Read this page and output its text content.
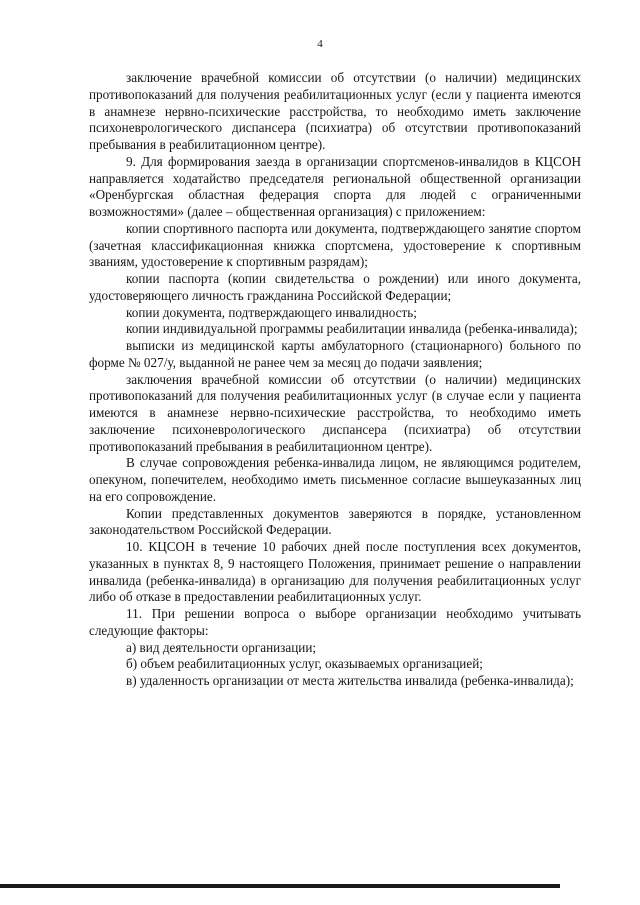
4

заключение врачебной комиссии об отсутствии (о наличии) медицинских противопоказаний для получения реабилитационных услуг (если у пациента имеются в анамнезе нервно-психические расстройства, то необходимо иметь заключение психоневрологического диспансера (психиатра) об отсутствии противопоказаний пребывания в реабилитационном центре).

9. Для формирования заезда в организации спортсменов-инвалидов в КЦСОН направляется ходатайство председателя региональной общественной организации «Оренбургская областная федерация спорта для людей с ограниченными возможностями» (далее – общественная организация) с приложением:

копии спортивного паспорта или документа, подтверждающего занятие спортом (зачетная классификационная книжка спортсмена, удостоверение к спортивным званиям, удостоверение к спортивным разрядам);

копии паспорта (копии свидетельства о рождении) или иного документа, удостоверяющего личность гражданина Российской Федерации;

копии документа, подтверждающего инвалидность;

копии индивидуальной программы реабилитации инвалида (ребенка-инвалида);

выписки из медицинской карты амбулаторного (стационарного) больного по форме № 027/у, выданной не ранее чем за месяц до подачи заявления;

заключения врачебной комиссии об отсутствии (о наличии) медицинских противопоказаний для получения реабилитационных услуг (в случае если у пациента имеются в анамнезе нервно-психические расстройства, то необходимо иметь заключение психоневрологического диспансера (психиатра) об отсутствии противопоказаний пребывания в реабилитационном центре).

В случае сопровождения ребенка-инвалида лицом, не являющимся родителем, опекуном, попечителем, необходимо иметь письменное согласие вышеуказанных лиц на его сопровождение.

Копии представленных документов заверяются в порядке, установленном законодательством Российской Федерации.

10. КЦСОН в течение 10 рабочих дней после поступления всех документов, указанных в пунктах 8, 9 настоящего Положения, принимает решение о направлении инвалида (ребенка-инвалида) в организацию для получения реабилитационных услуг либо об отказе в предоставлении реабилитационных услуг.

11. При решении вопроса о выборе организации необходимо учитывать следующие факторы:

а) вид деятельности организации;

б) объем реабилитационных услуг, оказываемых организацией;

в) удаленность организации от места жительства инвалида (ребенка-инвалида);
